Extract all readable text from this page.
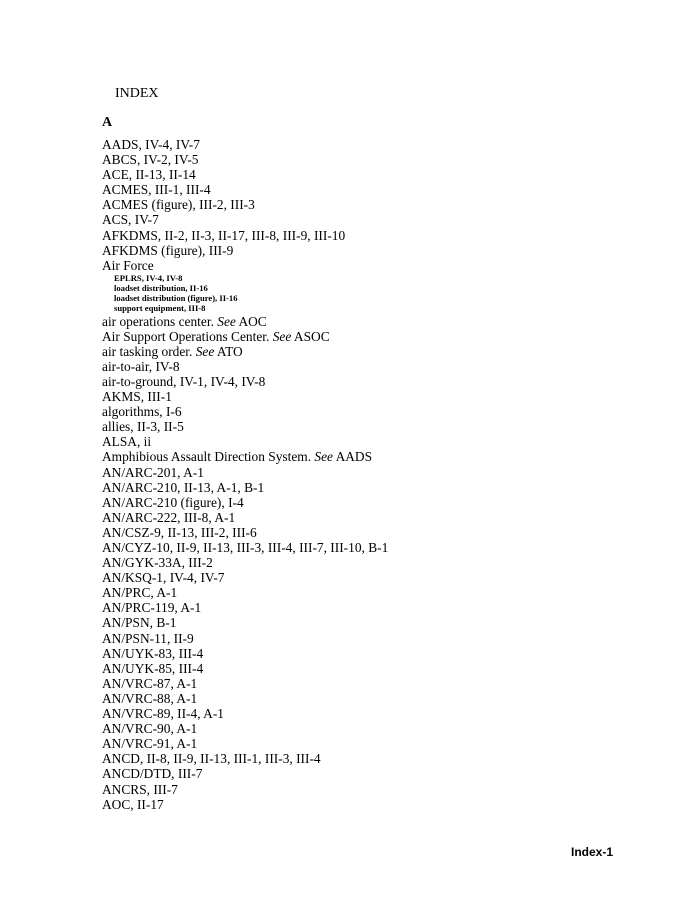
INDEX
A
AADS, IV-4, IV-7
ABCS, IV-2, IV-5
ACE, II-13, II-14
ACMES, III-1, III-4
ACMES (figure), III-2, III-3
ACS, IV-7
AFKDMS, II-2, II-3, II-17, III-8, III-9, III-10
AFKDMS (figure), III-9
Air Force
EPLRS, IV-4, IV-8
loadset distribution, II-16
loadset distribution (figure), II-16
support equipment, III-8
air operations center. See AOC
Air Support Operations Center. See ASOC
air tasking order. See ATO
air-to-air, IV-8
air-to-ground, IV-1, IV-4, IV-8
AKMS, III-1
algorithms, I-6
allies, II-3, II-5
ALSA, ii
Amphibious Assault Direction System. See AADS
AN/ARC-201, A-1
AN/ARC-210, II-13, A-1, B-1
AN/ARC-210 (figure), I-4
AN/ARC-222, III-8, A-1
AN/CSZ-9, II-13, III-2, III-6
AN/CYZ-10, II-9, II-13, III-3, III-4, III-7, III-10, B-1
AN/GYK-33A, III-2
AN/KSQ-1, IV-4, IV-7
AN/PRC, A-1
AN/PRC-119, A-1
AN/PSN, B-1
AN/PSN-11, II-9
AN/UYK-83, III-4
AN/UYK-85, III-4
AN/VRC-87, A-1
AN/VRC-88, A-1
AN/VRC-89, II-4, A-1
AN/VRC-90, A-1
AN/VRC-91, A-1
ANCD, II-8, II-9, II-13, III-1, III-3, III-4
ANCD/DTD, III-7
ANCRS, III-7
AOC, II-17
Index-1
